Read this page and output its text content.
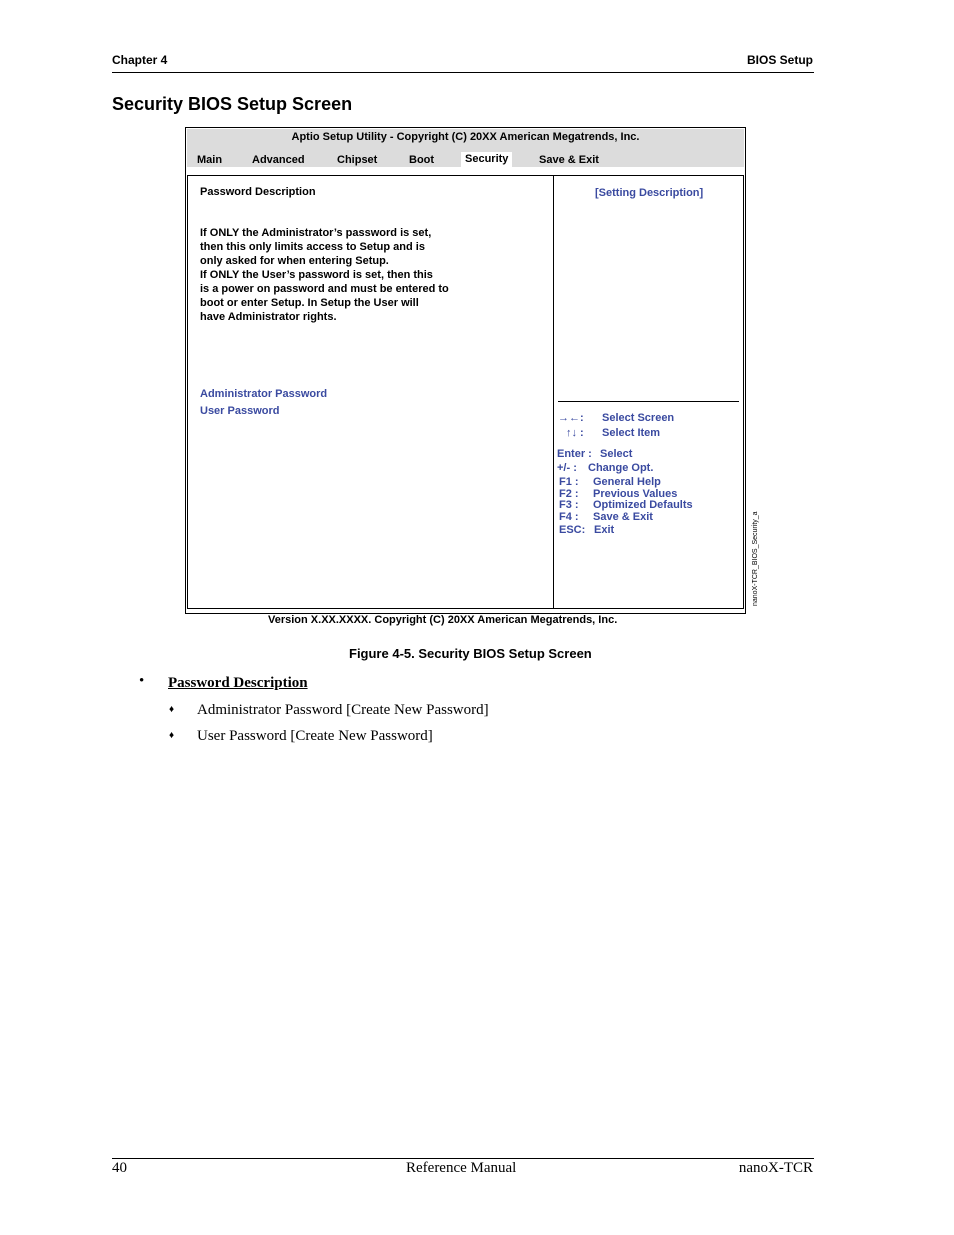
Chapter 4	BIOS Setup
Security BIOS Setup Screen
Aptio Setup Utility - Copyright (C) 20XX American Megatrends, Inc.
Main	Advanced	Chipset	Boot	Security	Save & Exit
Password Description
If ONLY the Administrator’s password is set,
then this only limits access to Setup and is
only asked for when entering Setup.
If ONLY the User’s password is set, then this
is a power on password and must be entered to
boot or enter Setup. In Setup the User will
have Administrator rights.
Administrator Password
User Password
[Setting Description]
→←: Select Screen
↑↓ : Select Item
Enter : Select
+/- : Change Opt.
F1 : General Help
F2 : Previous Values
F3 : Optimized Defaults
F4 : Save & Exit
ESC: Exit
Version X.XX.XXXX. Copyright (C) 20XX American Megatrends, Inc.
nanoX-TCR_BIOS_Security_a
Figure 4-5. Security BIOS Setup Screen
• Password Description
♦ Administrator Password [Create New Password]
♦ User Password [Create New Password]
40	Reference Manual	nanoX-TCR
